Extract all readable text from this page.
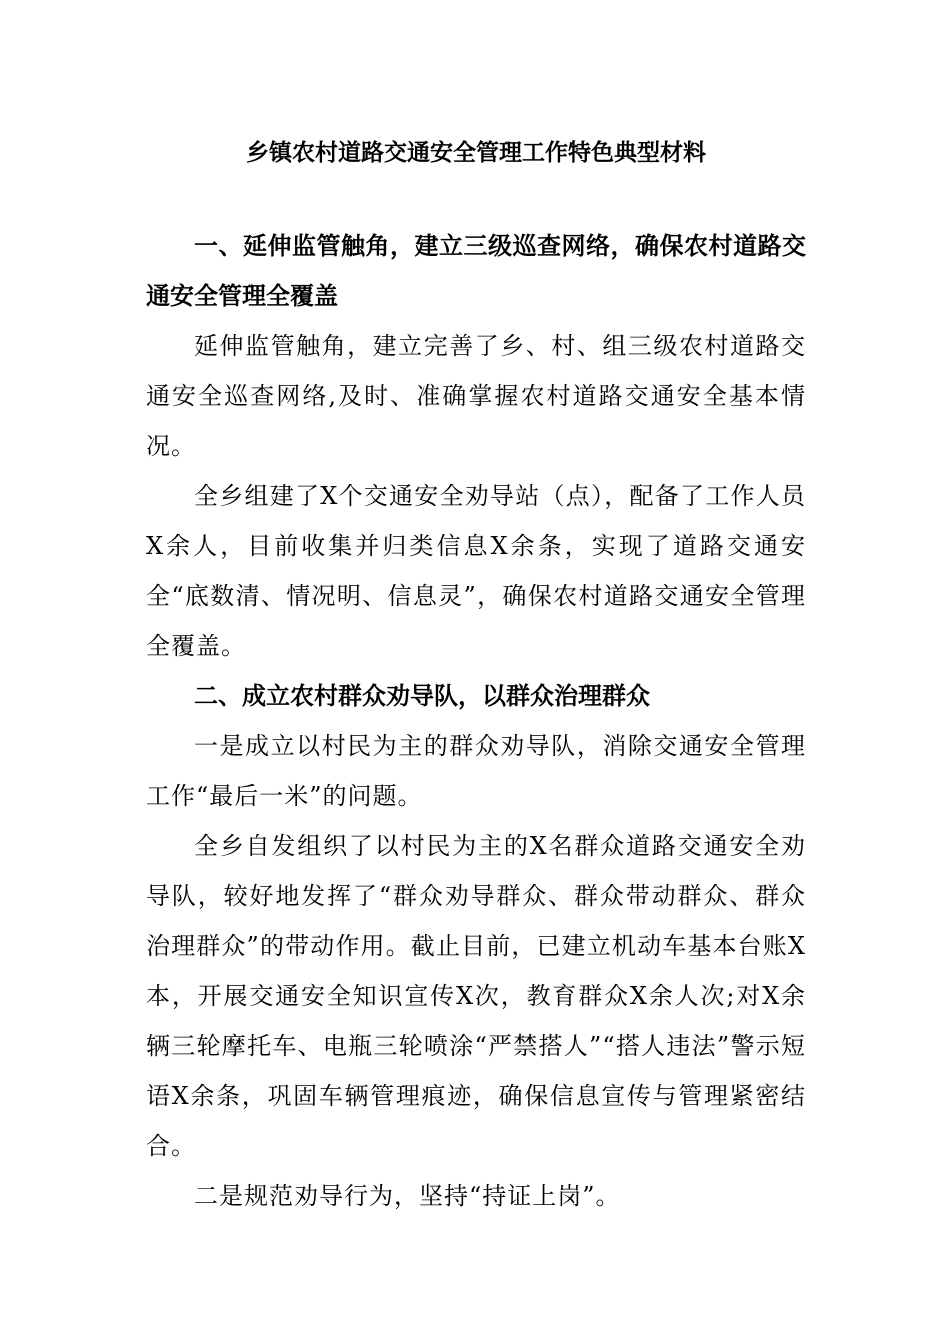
乡镇农村道路交通安全管理工作特色典型材料

一、延伸监管触角，建立三级巡查网络，确保农村道路交通安全管理全覆盖

延伸监管触角，建立完善了乡、村、组三级农村道路交通安全巡查网络,及时、准确掌握农村道路交通安全基本情况。

全乡组建了X个交通安全劝导站（点），配备了工作人员X余人，目前收集并归类信息X余条，实现了道路交通安全“底数清、情况明、信息灵”，确保农村道路交通安全管理全覆盖。

二、成立农村群众劝导队，以群众治理群众

一是成立以村民为主的群众劝导队，消除交通安全管理工作“最后一米”的问题。

全乡自发组织了以村民为主的X名群众道路交通安全劝导队，较好地发挥了“群众劝导群众、群众带动群众、群众治理群众”的带动作用。截止目前，已建立机动车基本台账X本，开展交通安全知识宣传X次，教育群众X余人次;对X余辆三轮摩托车、电瓶三轮喷涂“严禁搭人”“搭人违法”警示短语X余条，巩固车辆管理痕迹，确保信息宣传与管理紧密结合。

二是规范劝导行为，坚持“持证上岗”。
